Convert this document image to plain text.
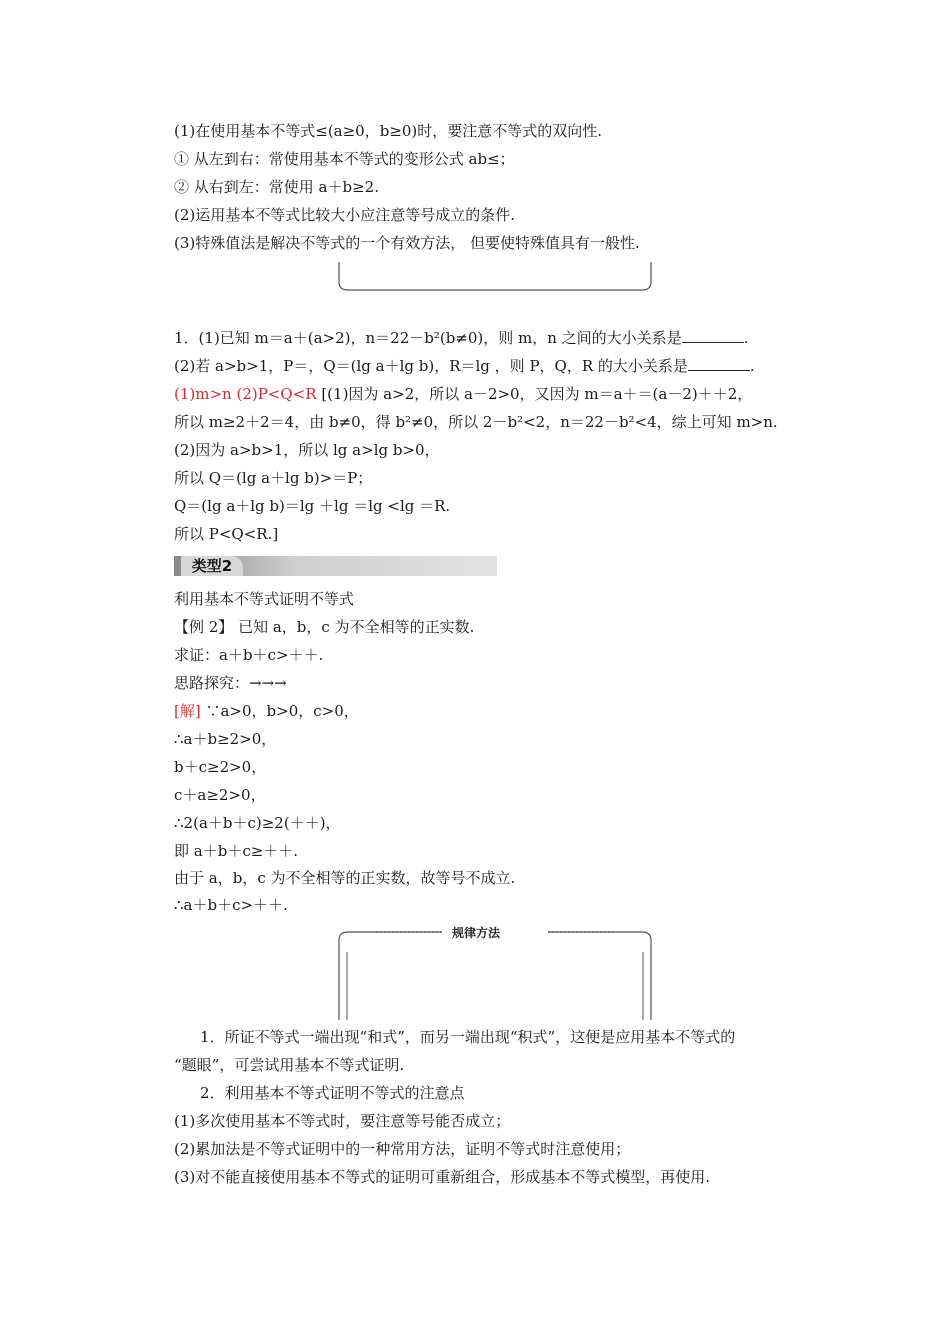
(1)在使用基本不等式≤(a≥0，b≥0)时，要注意不等式的双向性.
① 从左到右：常使用基本不等式的变形公式 ab≤；
② 从右到左：常使用 a＋b≥2.
(2)运用基本不等式比较大小应注意等号成立的条件.
(3)特殊值法是解决不等式的一个有效方法， 但要使特殊值具有一般性.
1．(1)已知 m＝a＋(a>2)，n＝22－b²(b≠0)，则 m，n 之间的大小关系是	.
(2)若 a>b>1，P＝，Q＝(lg a＋lg b)，R＝lg ，则 P，Q，R 的大小关系是	.
(1)m>n (2)P<Q<R [(1)因为 a>2，所以 a－2>0，又因为 m＝a＋＝(a－2)＋＋2，
所以 m≥2＋2＝4，由 b≠0，得 b²≠0，所以 2－b²<2，n＝22－b²<4，综上可知 m>n.
(2)因为 a>b>1，所以 lg a>lg b>0，
所以 Q＝(lg a＋lg b)>＝P；
Q＝(lg a＋lg b)＝lg ＋lg ＝lg <lg ＝R.
所以 P<Q<R.]
类型2
利用基本不等式证明不等式
【例 2】 已知 a，b，c 为不全相等的正实数.
求证：a＋b＋c>＋＋.
思路探究：→→→
[解] ∵a>0，b>0，c>0，
∴a＋b≥2>0，
b＋c≥2>0，
c＋a≥2>0，
∴2(a＋b＋c)≥2(＋＋)，
即 a＋b＋c≥＋＋.
由于 a，b，c 为不全相等的正实数，故等号不成立.
∴a＋b＋c>＋＋.
规律方法
1．所证不等式一端出现“和式”，而另一端出现“积式”，这便是应用基本不等式的
“题眼”，可尝试用基本不等式证明.
2．利用基本不等式证明不等式的注意点
(1)多次使用基本不等式时，要注意等号能否成立；
(2)累加法是不等式证明中的一种常用方法，证明不等式时注意使用；
(3)对不能直接使用基本不等式的证明可重新组合，形成基本不等式模型，再使用.
